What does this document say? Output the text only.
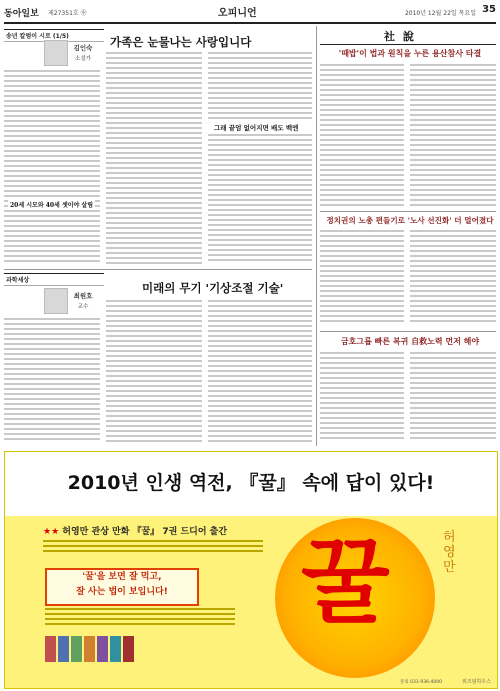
동아일보 제27351호 ㊥	오피니언	2010년 12월 22일 목요일 35
송년 칼럼이 시로 (1/5)	가족은 눈물나는 사랑입니다
김인숙
소설가
그래 끝엄 없어지면 배도 백엔
20세 시모와 40세 셋이야 살림
과학세상
미래의 무기 '기상조절 기술'
최원호
교수
社 說
'때밥'이 법과 원칙을 누른 용산참사 타결
정치권의 노총 편들기로 '노사 선진화' 더 멀어졌다
금호그룹 빠른 복귀 自救노력 먼저 해야
2010년 인생 역전, 『꿀』 속에 답이 있다!
★★ 허영만 관상 만화 『꿀』 7권 드디어 출간
'꿀'을 보면 잘 먹고,
잘 사는 법이 보입니다!	꿀	허영만
문의 031-936-4000	위즈덤하우스
